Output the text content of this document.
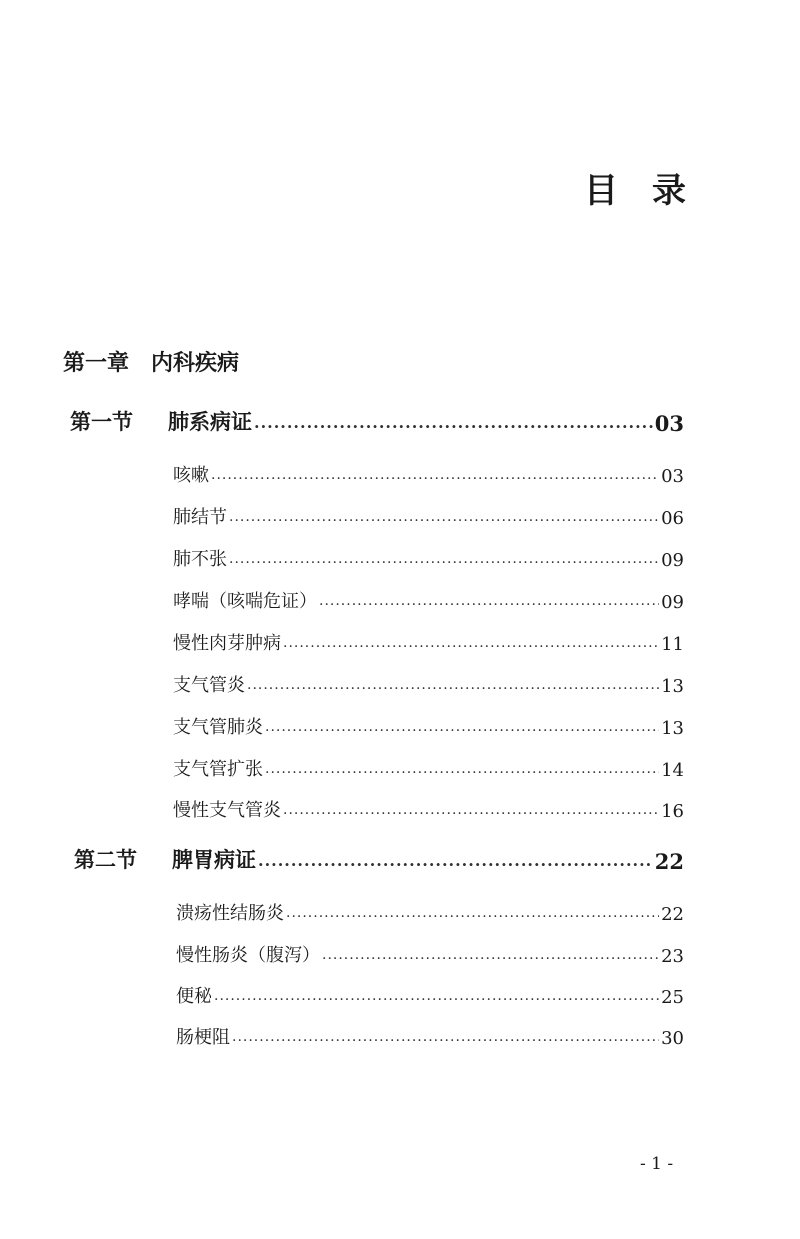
目 录
第一章 内科疾病
第一节 肺系病证 .....	03
咳嗽 .....	03
肺结节 .....	06
肺不张 .....	09
哮喘（咳喘危证） .....	09
慢性肉芽肿病 .....	11
支气管炎 .....	13
支气管肺炎 .....	13
支气管扩张 .....	14
慢性支气管炎 .....	16
第二节 脾胃病证 .....	22
溃疡性结肠炎 .....	22
慢性肠炎（腹泻） .....	23
便秘 .....	25
肠梗阻 .....	30
- 1 -
